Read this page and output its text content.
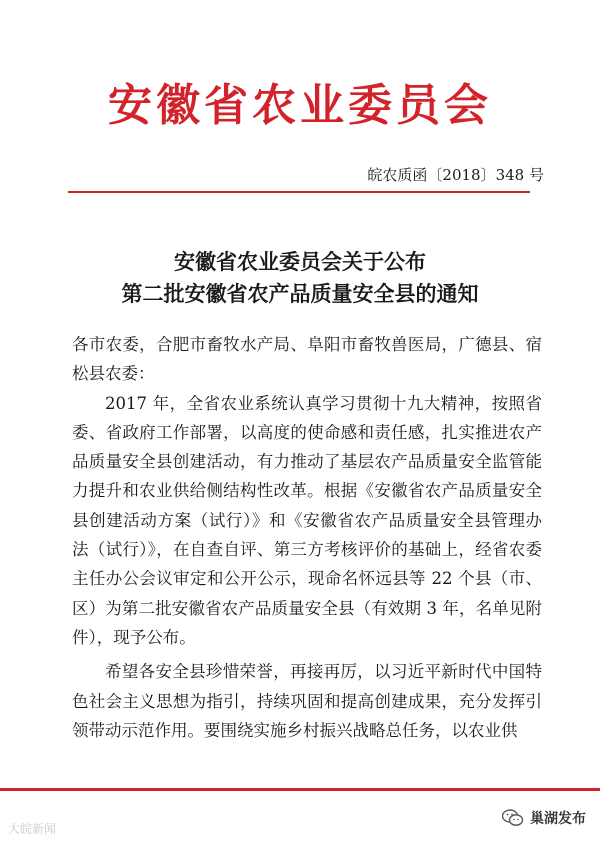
安徽省农业委员会
皖农质函〔2018〕348 号
安徽省农业委员会关于公布
第二批安徽省农产品质量安全县的通知

各市农委，合肥市畜牧水产局、阜阳市畜牧兽医局，广德县、宿松县农委：

2017 年，全省农业系统认真学习贯彻十九大精神，按照省委、省政府工作部署，以高度的使命感和责任感，扎实推进农产品质量安全县创建活动，有力推动了基层农产品质量安全监管能力提升和农业供给侧结构性改革。根据《安徽省农产品质量安全县创建活动方案（试行）》和《安徽省农产品质量安全县管理办法（试行）》，在自查自评、第三方考核评价的基础上，经省农委主任办公会议审定和公开公示，现命名怀远县等 22 个县（市、区）为第二批安徽省农产品质量安全县（有效期 3 年，名单见附件），现予公布。

希望各安全县珍惜荣誉，再接再厉，以习近平新时代中国特色社会主义思想为指引，持续巩固和提高创建成果，充分发挥引领带动示范作用。要围绕实施乡村振兴战略总任务，以农业供

大皖新闻
巢湖发布
